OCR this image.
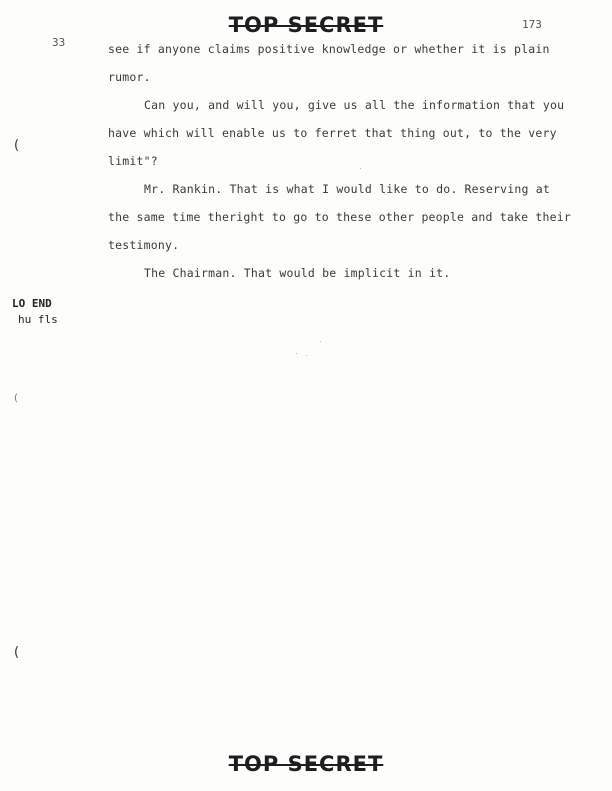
TOP SECRET	173
33	see if anyone claims positive knowledge or whether it is plain
rumor.
Can you, and will you, give us all the information that you
have which will enable us to ferret that thing out, to the very
limit"?
Mr. Rankin. That is what I would like to do. Reserving at
the same time theright to go to these other people and take their
testimony.
The Chairman. That would be implicit in it.
(
(
(
LO END
hu fls
TOP SECRET
